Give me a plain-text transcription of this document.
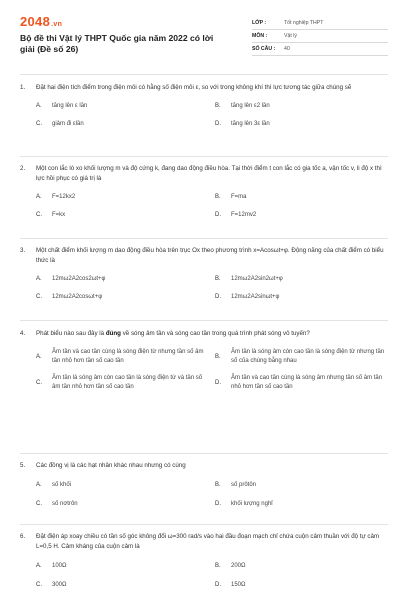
2048.vn
Bộ đề thi Vật lý THPT Quốc gia năm 2022 có lời giải (Đề số 26)
LỚP :	Tốt nghiệp THPT
MÔN :	Vật lý
SỐ CÂU :	40
1.	Đặt hai điện tích điểm trong điện môi có hằng số điện môi ε, so với trong không khí thì lực tương tác giữa chúng sẽ
A.	tăng lên ε lần	B.	tăng lên ε2 lần
C.	giảm đi εlần	D.	tăng lên 3ε lần
2.	Một con lắc lò xo khối lượng m và độ cứng k, đang dao động điều hòa. Tại thời điểm t con lắc có gia tốc a, vận tốc v, li độ x thì lực hồi phục có giá trị là
A.	F=12kx2	B.	F=ma
C.	F=kx	D.	F=12mv2
3.	Một chất điểm khối lượng m dao động điều hòa trên trục Ox theo phương trình x=Acosωt+φ. Động năng của chất điểm có biểu thức là
A.	12mω2A2cos2ωt+φ	B.	12mω2A2sin2ωt+φ
C.	12mω2A2cosωt+φ	D.	12mω2A2sinωt+φ
4.	Phát biểu nào sau đây là đúng về sóng âm tần và sóng cao tần trong quá trình phát sóng vô tuyến?
A.
Âm tần và cao tần cùng là sóng điện từ nhưng tần số âm tần nhỏ hơn tần số cao tần
B.
Âm tần là sóng âm còn cao tần là sóng điện từ nhưng tần số của chúng bằng nhau
C.
Âm tần là sóng âm còn cao tần là sóng điện từ và tần số âm tần nhỏ hơn tần số cao tần
D.
Âm tần và cao tần cùng là sóng âm nhưng tần số âm tần nhỏ hơn tần số cao tần
5.	Các đồng vị là các hạt nhân khác nhau nhưng có cùng
A.	số khối	B.	số prôtôn
C.	số nơtrôn	D.	khối lượng nghỉ
6.	Đặt điện áp xoay chiều có tần số góc không đổi ω=300 rad/s vào hai đầu đoạn mạch chỉ chứa cuộn cảm thuần với độ tự cảm L=0,5 H. Cảm kháng của cuộn cảm là
A.	100Ω	B.	200Ω
C.	300Ω	D.	150Ω
